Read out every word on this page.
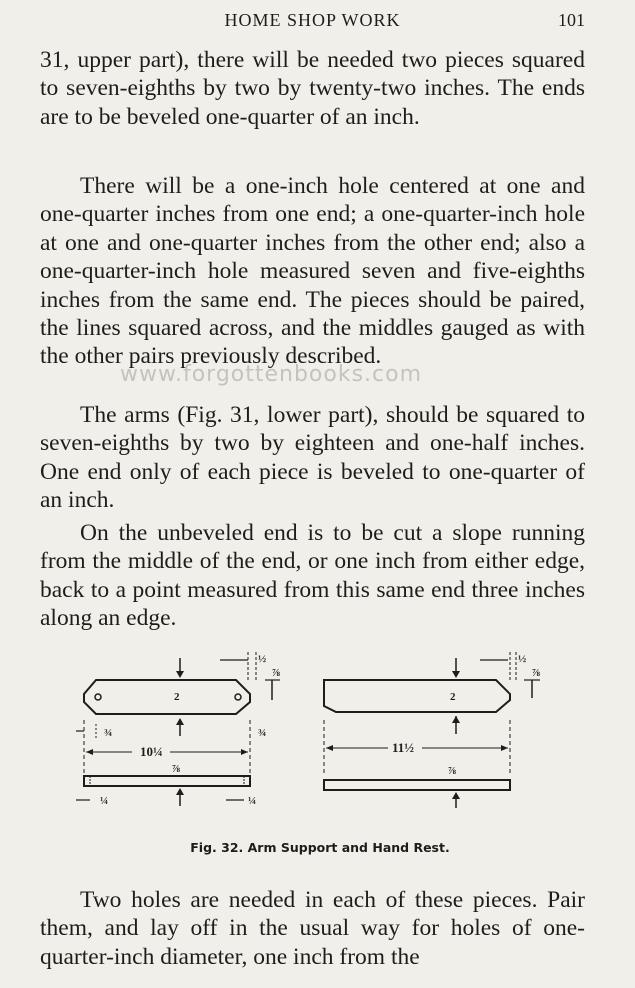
HOME SHOP WORK	101

31, upper part), there will be needed two pieces squared to seven-eighths by two by twenty-two inches. The ends are to be beveled one-quarter of an inch.

There will be a one-inch hole centered at one and one-quarter inches from one end; a one-quarter-inch hole at one and one-quarter inches from the other end; also a one-quarter-inch hole measured seven and five-eighths inches from the same end. The pieces should be paired, the lines squared across, and the middles gauged as with the other pairs previously described.

The arms (Fig. 31, lower part), should be squared to seven-eighths by two by eighteen and one-half inches. One end only of each piece is beveled to one-quarter of an inch.

On the unbeveled end is to be cut a slope running from the middle of the end, or one inch from either edge, back to a point measured from this same end three inches along an edge.

www.forgottenbooks.com
2
½
⅞
¾	¾
10¼
⅞
¼	¼
2
½
⅞
11½
⅞
Fig. 32. Arm Support and Hand Rest.

Two holes are needed in each of these pieces. Pair them, and lay off in the usual way for holes of one-quarter-inch diameter, one inch from the
